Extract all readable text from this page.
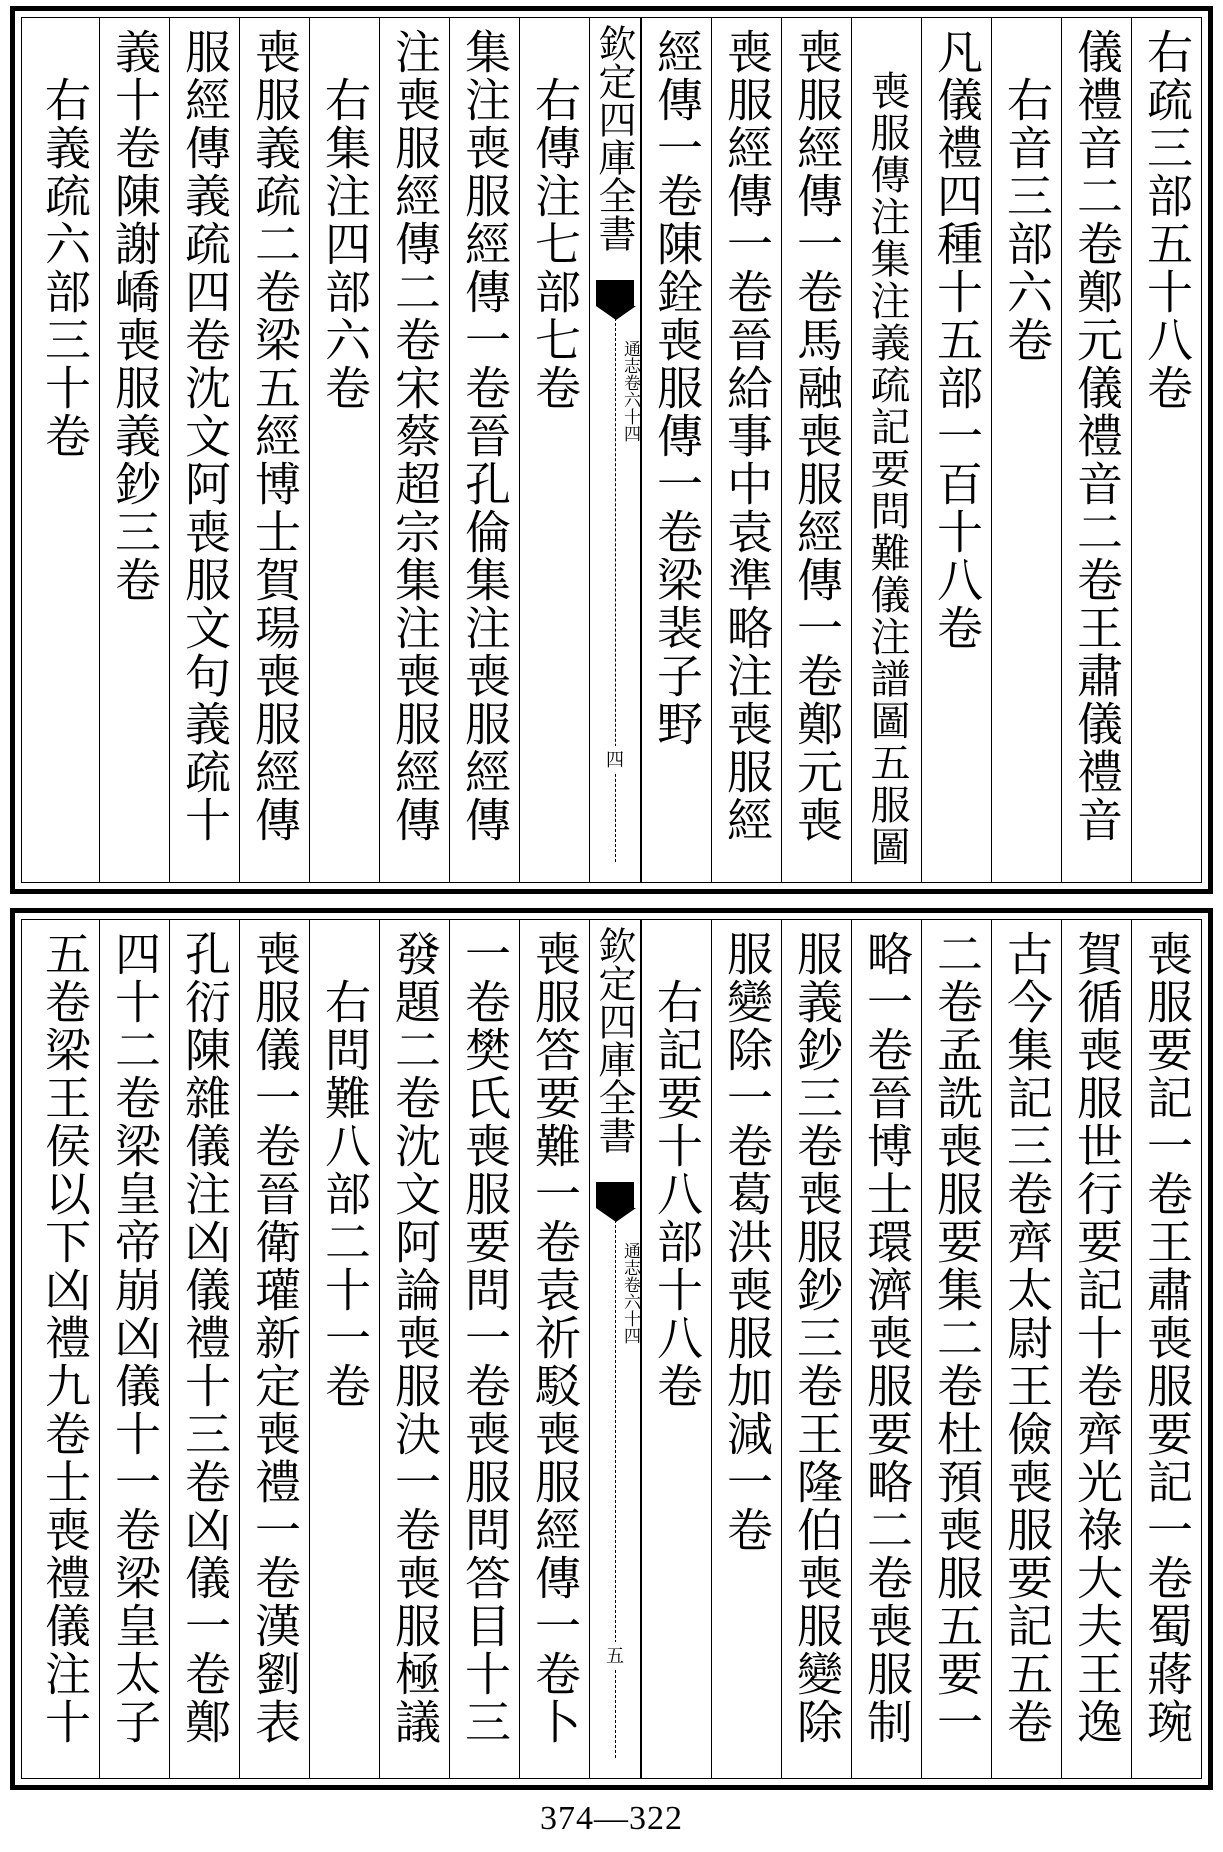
右疏三部五十八卷
儀禮音二卷鄭元儀禮音二卷王肅儀禮音
　右音三部六卷
凡儀禮四種十五部一百十八卷
　喪服傳注集注義疏記要問難儀注譜圖五服圖
喪服經傳一卷馬融喪服經傳一卷鄭元喪
喪服經傳一卷晉給事中袁準略注喪服經
經傳一卷陳銓喪服傳一卷梁裴子野
欽定四庫全書
通志卷六十四
四
　右傳注七部七卷
集注喪服經傳一卷晉孔倫集注喪服經傳
注喪服經傳二卷宋蔡超宗集注喪服經傳
　右集注四部六卷
喪服義疏二卷梁五經博士賀瑒喪服經傳
服經傳義疏四卷沈文阿喪服文句義疏十
義十卷陳謝嶠喪服義鈔三卷
　右義疏六部三十卷
喪服要記一卷王肅喪服要記一卷蜀蔣琬
賀循喪服世行要記十卷齊光祿大夫王逸
古今集記三卷齊太尉王儉喪服要記五卷
二卷孟詵喪服要集二卷杜預喪服五要一
略一卷晉博士環濟喪服要略二卷喪服制
服義鈔三卷喪服鈔三卷王隆伯喪服變除
服變除一卷葛洪喪服加減一卷
　右記要十八部十八卷
欽定四庫全書
通志卷六十四
五
喪服答要難一卷袁祈駁喪服經傳一卷卜
一卷樊氏喪服要問一卷喪服問答目十三
發題二卷沈文阿論喪服決一卷喪服極議
　右問難八部二十一卷
喪服儀一卷晉衛瓘新定喪禮一卷漢劉表
孔衍陳雜儀注凶儀禮十三卷凶儀一卷鄭
四十二卷梁皇帝崩凶儀十一卷梁皇太子
五卷梁王侯以下凶禮九卷士喪禮儀注十
374—322
